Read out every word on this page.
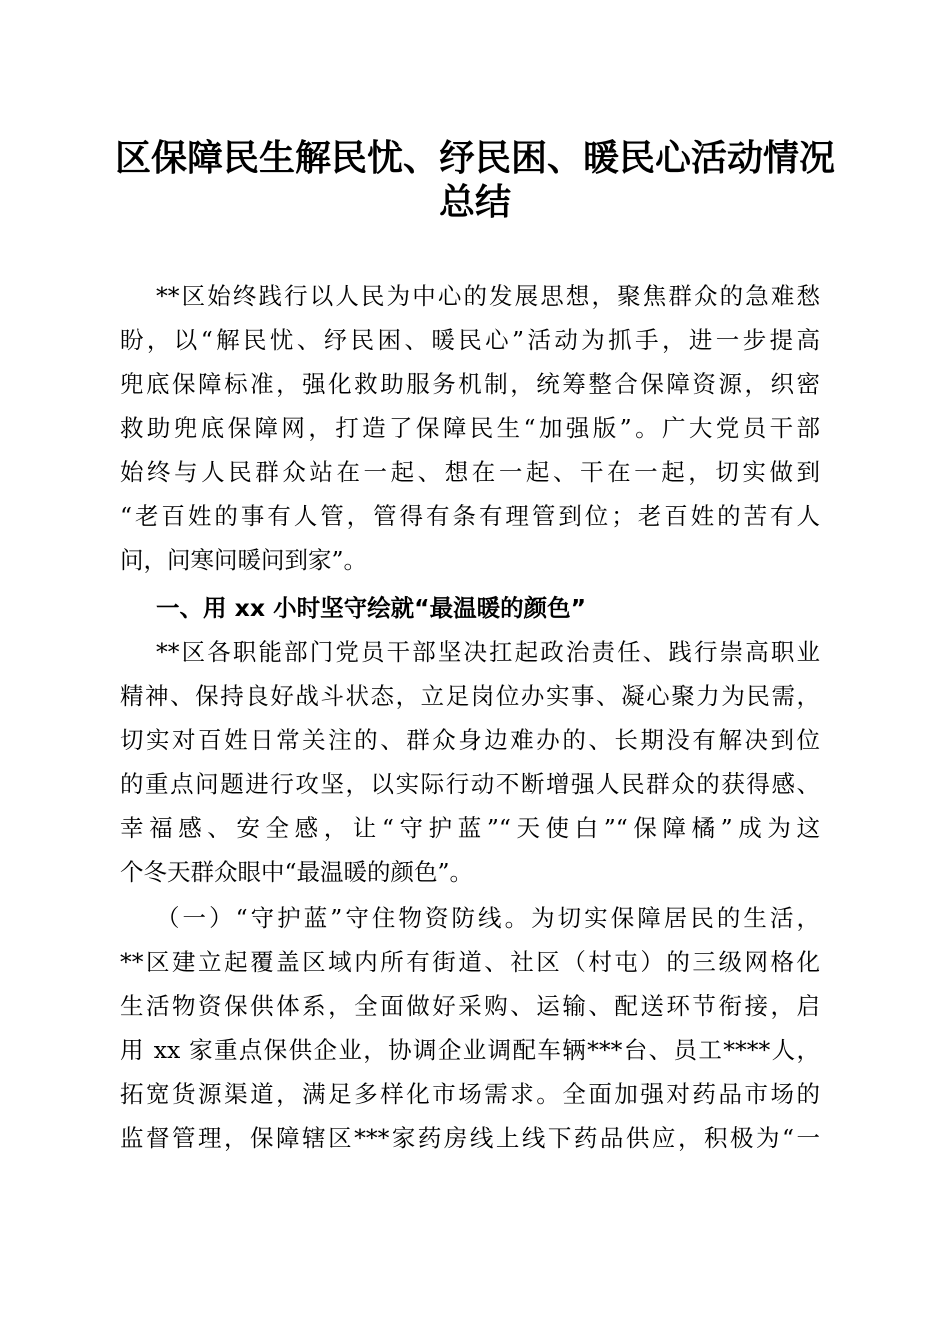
区保障民生解民忧、纾民困、暖民心活动情况
总结
**区始终践行以人民为中心的发展思想，聚焦群众的急难愁
盼，以“解民忧、纾民困、暖民心”活动为抓手，进一步提高
兜底保障标准，强化救助服务机制，统筹整合保障资源，织密
救助兜底保障网，打造了保障民生“加强版”。广大党员干部
始终与人民群众站在一起、想在一起、干在一起，切实做到
“老百姓的事有人管，管得有条有理管到位；老百姓的苦有人
问，问寒问暖问到家”。
一、用 xx 小时坚守绘就“最温暖的颜色”
**区各职能部门党员干部坚决扛起政治责任、践行崇高职业
精神、保持良好战斗状态，立足岗位办实事、凝心聚力为民需，
切实对百姓日常关注的、群众身边难办的、长期没有解决到位
的重点问题进行攻坚，以实际行动不断增强人民群众的获得感、
幸福感、安全感，让“守护蓝”“天使白”“保障橘”成为这
个冬天群众眼中“最温暖的颜色”。
（一）“守护蓝”守住物资防线。为切实保障居民的生活，
**区建立起覆盖区域内所有街道、社区（村屯）的三级网格化
生活物资保供体系，全面做好采购、运输、配送环节衔接，启
用 xx 家重点保供企业，协调企业调配车辆***台、员工****人，
拓宽货源渠道，满足多样化市场需求。全面加强对药品市场的
监督管理，保障辖区***家药房线上线下药品供应，积极为“一
